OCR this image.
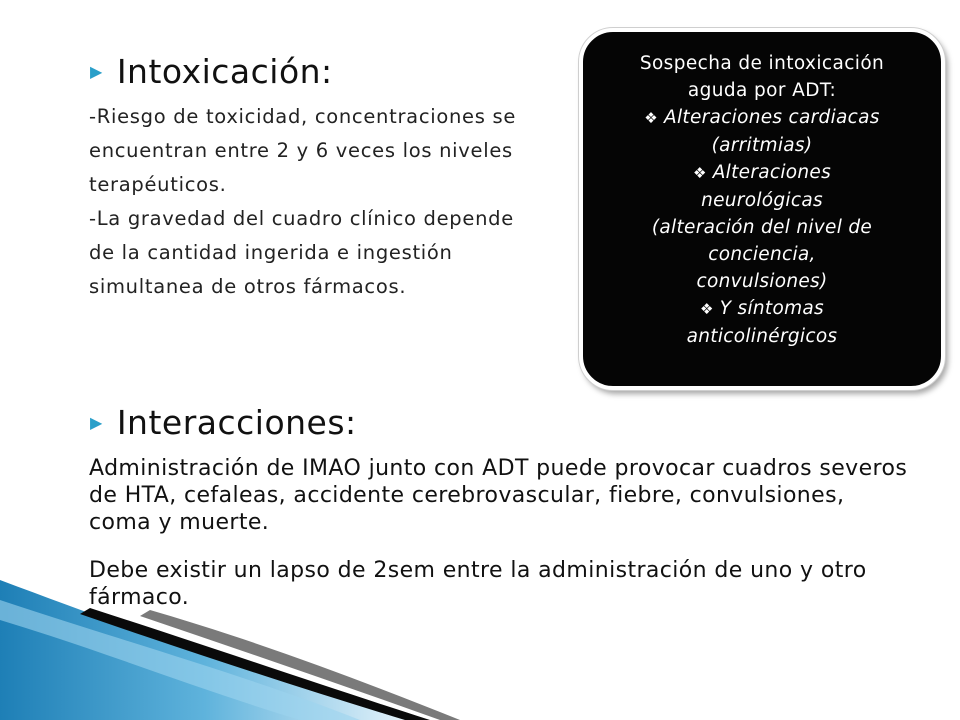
▶ Intoxicación:
-Riesgo de toxicidad, concentraciones se
encuentran entre 2 y 6 veces los niveles
terapéuticos.
-La gravedad del cuadro clínico depende
de la cantidad ingerida e ingestión
simultanea de otros fármacos.
Sospecha de intoxicación
aguda por ADT:
❖ Alteraciones cardiacas
(arritmias)
❖ Alteraciones
neurológicas
(alteración del nivel de
conciencia,
convulsiones)
❖ Y síntomas
anticolinérgicos
▶ Interacciones:
Administración de IMAO junto con ADT puede provocar cuadros severos de HTA, cefaleas, accidente cerebrovascular, fiebre, convulsiones, coma y muerte.
Debe existir un lapso de 2sem entre la administración de uno y otro fármaco.
